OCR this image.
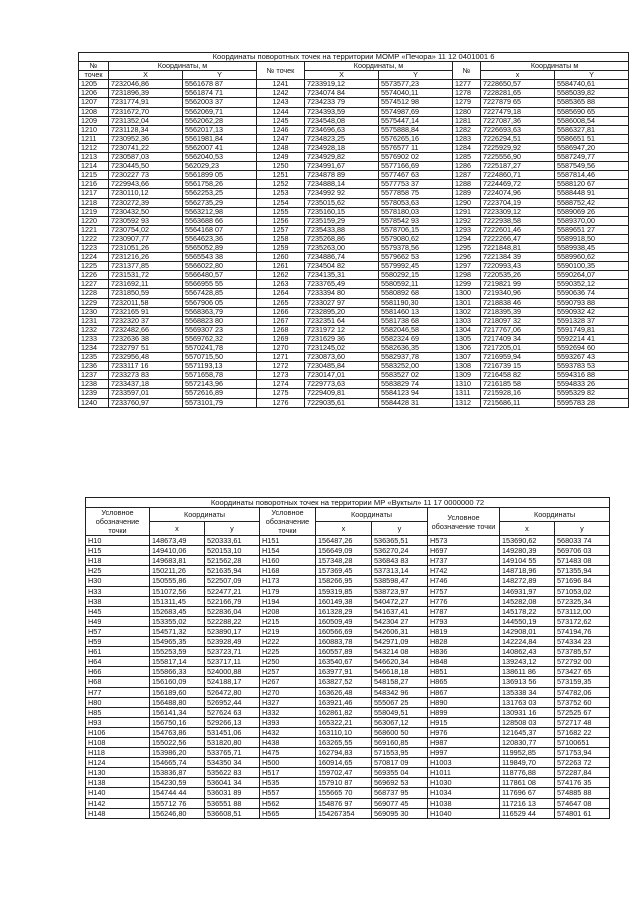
Координаты поворотных точек на территории МОМР «Печора» 11 12 0401001 6								
№	Координаты, м		№ точек	Координаты, м		№	Координаты м	
точек	X	Y		X	Y		x	Y
1205	7232046,86	5561678 87	1241	7233919,12	5573577,23	1277	7228650,57	5584740,61
1206	7231896,39	5561874 71	1242	7234074 84	5574040,11	1278	7228281,65	5585039,82
1207	7231774,91	5562003 37	1243	7234233 79	5574512 98	1279	7227879 65	5585365 88
1208	7231672,70	5562069,71	1244	7234393,59	5574987,69	1280	7227479,18	5585690 65
1209	7231352,04	5562062,28	1245	7234548,08	5575447,14	1281	7227087,36	5586008,54
1210	7231128,34	5562017,13	1246	7234696,63	5575888,84	1282	7226693,63	5586327,81
1211	7230952,36	5561981,84	1247	7234823,25	5576265,16	1283	7226294,51	5586651 51
1212	7230741,22	5562007 41	1248	7234928,18	5576577 11	1284	7225929,92	5586947,20
1213	7230587,03	5562040,53	1249	7234929,82	5576902 02	1285	7225556,90	5587249,77
1214	7230445,50	562029,23	1250	7234991,67	5577166,69	1286	7225187,27	5587549,56
1215	7230227 73	5561899 05	1251	7234878 89	5577467 63	1287	7224860,71	5587814,46
1216	7229943,66	5561758,26	1252	7234888,14	5577753 37	1288	7224469,72	5588120 67
1217	7230110,12	5562253,25	1253	7234992 92	5577858 75	1289	7224074,96	5588448 91
1218	7230272,39	5562735,29	1254	7235015,62	5578053,63	1290	7223704,19	5588752,42
1219	7230432,50	5563212,98	1255	7235160,15	5578180,03	1291	7223309,12	5589069 26
1220	7230592 93	5563688 66	1256	7235159,29	5578542 93	1292	7222938,58	5589370,00
1221	7230754,02	5564168 07	1257	7235433,88	5578706,15	1293	7222601,46	5589651 27
1222	7230907,77	5564623,36	1258	7235268,86	5579080,62	1294	7222266,47	5589918,50
1223	7231051,26	5565052,89	1259	7235263,00	5579378,56	1295	7221848,81	5589938,45
1224	7231216,26	5565543 38	1260	7234886,74	5579662 53	1296	7221384 39	5589960,62
1225	7231377,85	5566022,80	1261	7234504 82	5579992,45	1297	7220993,43	5590100,35
1226	7231531,72	5566480,57	1262	7234135,31	5580292,15	1298	7220535,26	5590264,07
1227	7231692,11	5566955 55	1263	7233765,49	5580592,11	1299	7219821 99	5590352,12
1228	7231850,59	5567428,85	1264	7233394 80	5580892 68	1300	7219340,96	5590636 74
1229	7232011,58	5567906 05	1265	7233027 97	5581190,30	1301	7218838 46	5590793 88
1230	7232165 91	5568363,79	1266	7232895,20	5581460 13	1302	7218395,39	5590932 42
1231	7232320 37	5568823 80	1267	7232351 64	5581738 68	1303	7218097 32	5591328 37
1232	7232482,66	5569307 23	1268	7231972 12	5582046,58	1304	7217767,06	5591749,81
1233	7232636 38	5569762,32	1269	7231629 36	5582324 69	1305	7217409 34	5592214 41
1234	7232797 51	5570241,78	1270	7231245,02	5582636,35	1306	7217205,01	5592694 60
1235	7232956,48	5570715,50	1271	7230873,60	5582937,78	1307	7216959,94	5593267 43
1236	7233117 16	5571193,13	1272	7230485,84	5583252,00	1308	7216739 15	5593783 53
1237	7233273 83	5571658,78	1273	7230147,01	5583527 02	1309	7216458 82	5594316 88
1238	7233437,18	5572143,96	1274	7229773,63	5583829 74	1310	7216185 58	5594833 26
1239	7233597,01	5572616,89	1275	7229409,81	5584123 94	1311	7215928,16	5595329 82
1240	7233760,97	5573101,79	1276	7229035,61	5584428 31	1312	7215686,11	5595783 28
Координаты поворотных точек на территории МР «Вуктыл» 11 17 0000000 72								
Условное обозначение точки	Координаты		Условное обозначение точки	Координаты		Условное обозначение точки	Координаты	
	x	y		x	y		x	y
H10	148673,49	520333,61	H151	156487,26	536365,51	H573	153690,62	568033 74
H15	149410,06	520153,10	H154	156649,09	536270,24	H697	149280,39	569706 03
H18	149683,81	521562,28	H160	157348,28	536843 83	H737	149104 55	571483 08
H25	150211,26	521635,94	H168	157369,45	537313,14	H742	148718,96	571355,94
H30	150555,86	522507,09	H173	158266,95	538598,47	H746	148272,89	571696 84
H33	151072,56	522477,21	H179	159319,85	538723,97	H757	146931,97	571053,02
H38	151311,45	522166,79	H194	160149,38	540472,27	H776	145282,08	572325,34
H45	152683,45	522836,04	H208	161328,29	541637,41	H787	145178,22	573112,00
H49	153355,02	522288,22	H215	160509,49	542304 27	H793	144550,19	573172,62
H57	154571,32	523890,17	H219	160566,69	542606,31	H819	142908,01	574194,76
H59	154965,35	523928,49	H222	160883,78	542971,09	H828	142224,84	574334 23
H61	155253,59	523723,71	H225	160557,89	543214 08	H836	140862,43	573785,57
H64	155817,14	523717,11	H250	163540,67	546620,34	H848	139243,12	572792 00
H66	155866,33	524000,88	H257	163977,91	546618,18	H851	138611 86	573427 65
H68	156160,09	524188,17	H267	163827,52	548158,27	H865	136913 56	573159,35
H77	156189,60	526472,80	H270	163626,48	548342 96	H867	135338 34	574782,06
H80	156488,80	526952,44	H327	163921,46	555067 25	H890	131763 03	573752 60
H85	156141,34	527624 63	H332	162861,82	558049,51	H899	130931 16	572525 67
H93	156750,16	529266,13	H393	165322,21	563067,12	H915	128508 03	572717 48
H106	154763,86	531451,06	H432	163110,10	568600 50	H976	121645,37	571682 22
H108	155022,56	531820,80	H438	163265,55	569160,85	H987	120830,77	57100651
H118	153986,20	533765,71	H475	162794,83	571553,95	H997	119952,85	571753,94
H124	154665,74	534350 34	H500	160914,65	570817 09	H1003	119849,70	572263 72
H130	153836,87	535622 83	H517	159702,47	569355 04	H1011	118776,88	572287,84
H138	154230,59	536041 34	H535	157910 87	569692 53	H1030	117861 08	574176 35
H140	154744 44	536031 89	H557	155665 70	568737 95	H1034	117696 67	574885 88
H142	155712 76	536551 88	H562	154876 97	569077 45	H1038	117216 13	574647 08
H148	156246,80	536608,51	H565	154267354	569095 30	H1040	116529 44	574801 61
